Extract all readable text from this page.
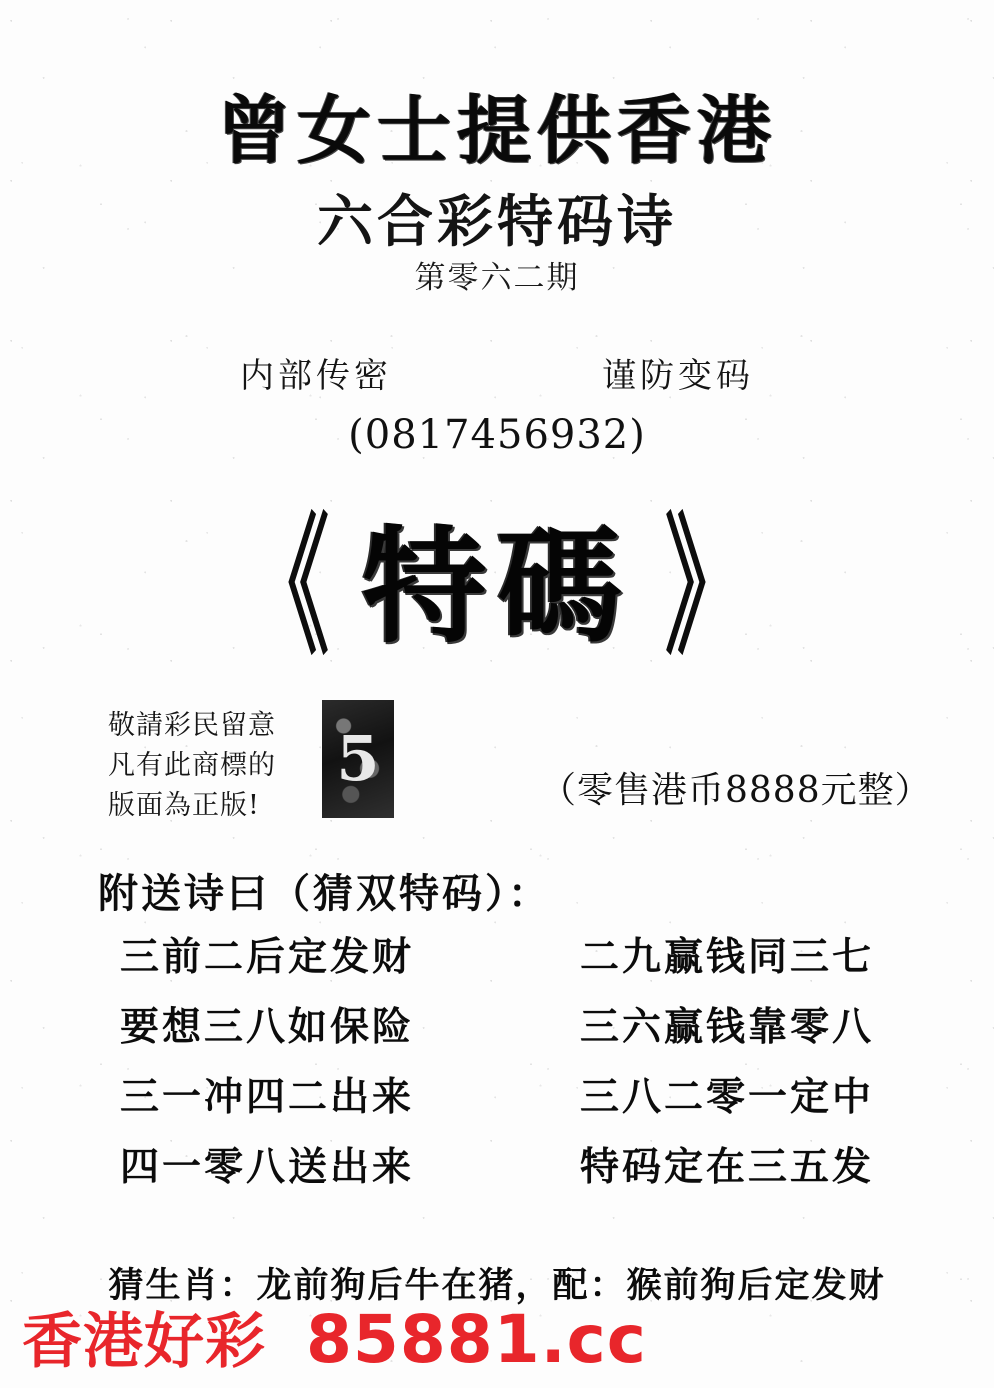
曾女士提供香港
六合彩特码诗
第零六二期
内部传密	谨防变码
(0817456932)
《 特碼 》
敬請彩民留意
凡有此商標的
版面為正版!
5	（零售港币8888元整）
附送诗曰（猜双特码）：
三前二后定发财	二九赢钱同三七
要想三八如保险	三六赢钱靠零八
三一冲四二出来	三八二零一定中
四一零八送出来	特码定在三五发
猜生肖：龙前狗后牛在猪，配：猴前狗后定发财
香港好彩 85881.cc
